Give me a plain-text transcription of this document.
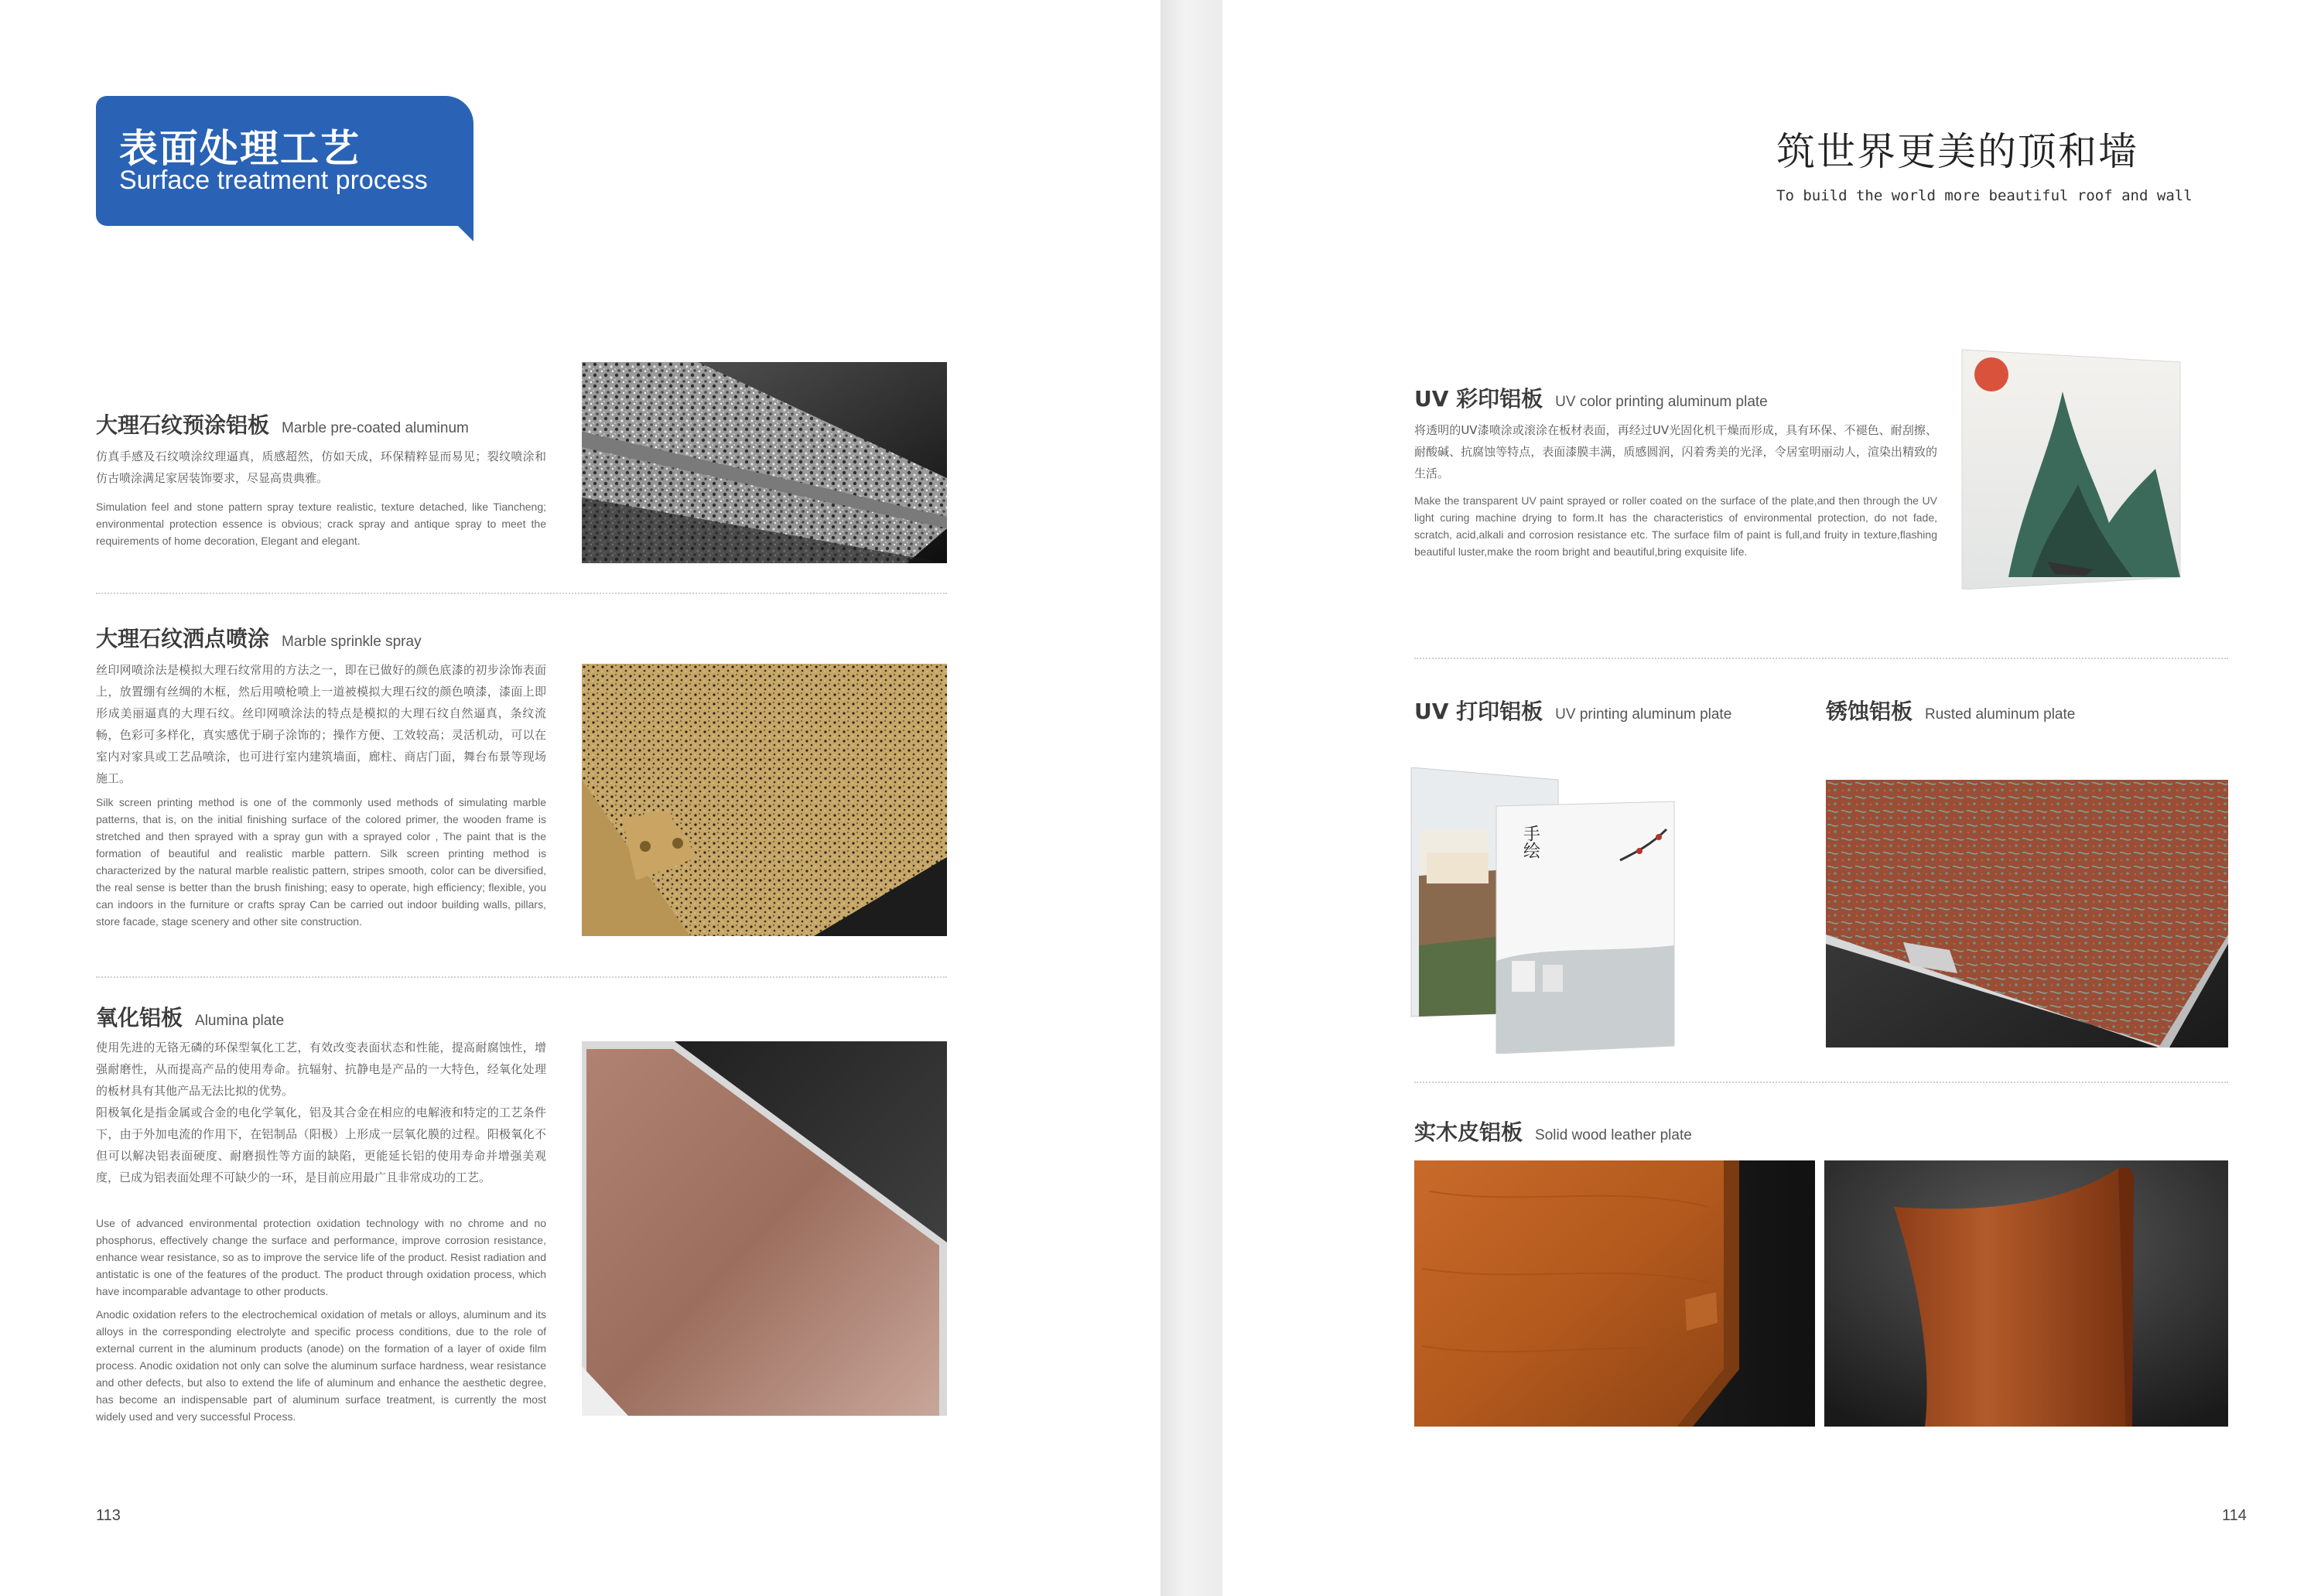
表面处理工艺
Surface treatment process
大理石纹预涂铝板 Marble pre-coated aluminum
仿真手感及石纹喷涂纹理逼真，质感超然，仿如天成，环保精粹显而易见；裂纹喷涂和仿古喷涂满足家居装饰要求，尽显高贵典雅。
Simulation feel and stone pattern spray texture realistic, texture detached, like Tiancheng; environmental protection essence is obvious; crack spray and antique spray to meet the requirements of home decoration, Elegant and elegant.
大理石纹洒点喷涂 Marble sprinkle spray
丝印网喷涂法是模拟大理石纹常用的方法之一，即在已做好的颜色底漆的初步涂饰表面上，放置绷有丝绸的木框，然后用喷枪喷上一道被模拟大理石纹的颜色喷漆，漆面上即形成美丽逼真的大理石纹。丝印网喷涂法的特点是模拟的大理石纹自然逼真，条纹流畅，色彩可多样化，真实感优于刷子涂饰的；操作方便、工效较高；灵活机动，可以在室内对家具或工艺品喷涂，也可进行室内建筑墙面，廊柱、商店门面，舞台布景等现场施工。
Silk screen printing method is one of the commonly used methods of simulating marble patterns, that is, on the initial finishing surface of the colored primer, the wooden frame is stretched and then sprayed with a spray gun with a sprayed color , The paint that is the formation of beautiful and realistic marble pattern. Silk screen printing method is characterized by the natural marble realistic pattern, stripes smooth, color can be diversified, the real sense is better than the brush finishing; easy to operate, high efficiency; flexible, you can indoors in the furniture or crafts spray Can be carried out indoor building walls, pillars, store facade, stage scenery and other site construction.
氧化铝板 Alumina plate
使用先进的无铬无磷的环保型氧化工艺，有效改变表面状态和性能，提高耐腐蚀性，增强耐磨性，从而提高产品的使用寿命。抗辐射、抗静电是产品的一大特色，经氧化处理的板材具有其他产品无法比拟的优势。
阳极氧化是指金属或合金的电化学氧化，铝及其合金在相应的电解液和特定的工艺条件下，由于外加电流的作用下，在铝制品（阳极）上形成一层氧化膜的过程。阳极氧化不但可以解决铝表面硬度、耐磨损性等方面的缺陷，更能延长铝的使用寿命并增强美观度，已成为铝表面处理不可缺少的一环，是目前应用最广且非常成功的工艺。
Use of advanced environmental protection oxidation technology with no chrome and no phosphorus, effectively change the surface and performance, improve corrosion resistance, enhance wear resistance, so as to improve the service life of the product. Resist radiation and antistatic is one of the features of the product. The product through oxidation process, which have incomparable advantage to other products.
Anodic oxidation refers to the electrochemical oxidation of metals or alloys, aluminum and its alloys in the corresponding electrolyte and specific process conditions, due to the role of external current in the aluminum products (anode) on the formation of a layer of oxide film process. Anodic oxidation not only can solve the aluminum surface hardness, wear resistance and other defects, but also to extend the life of aluminum and enhance the aesthetic degree, has become an indispensable part of aluminum surface treatment, is currently the most widely used and very successful Process.
113
筑世界更美的顶和墙
To build the world more beautiful roof and wall
UV 彩印铝板 UV color printing aluminum plate
将透明的UV漆喷涂或滚涂在板材表面，再经过UV光固化机干燥而形成，具有环保、不褪色、耐刮擦、耐酸碱、抗腐蚀等特点，表面漆膜丰满，质感圆润，闪着秀美的光泽，令居室明丽动人，渲染出精致的生活。
Make the transparent UV paint sprayed or roller coated on the surface of the plate,and then through the UV light curing machine drying to form.It has the characteristics of environmental protection, do not fade, scratch, acid,alkali and corrosion resistance etc. The surface film of paint is full,and fruity in texture,flashing beautiful luster,make the room bright and beautiful,bring exquisite life.
UV 打印铝板 UV printing aluminum plate	锈蚀铝板 Rusted aluminum plate
手绘
实木皮铝板 Solid wood leather plate
114
